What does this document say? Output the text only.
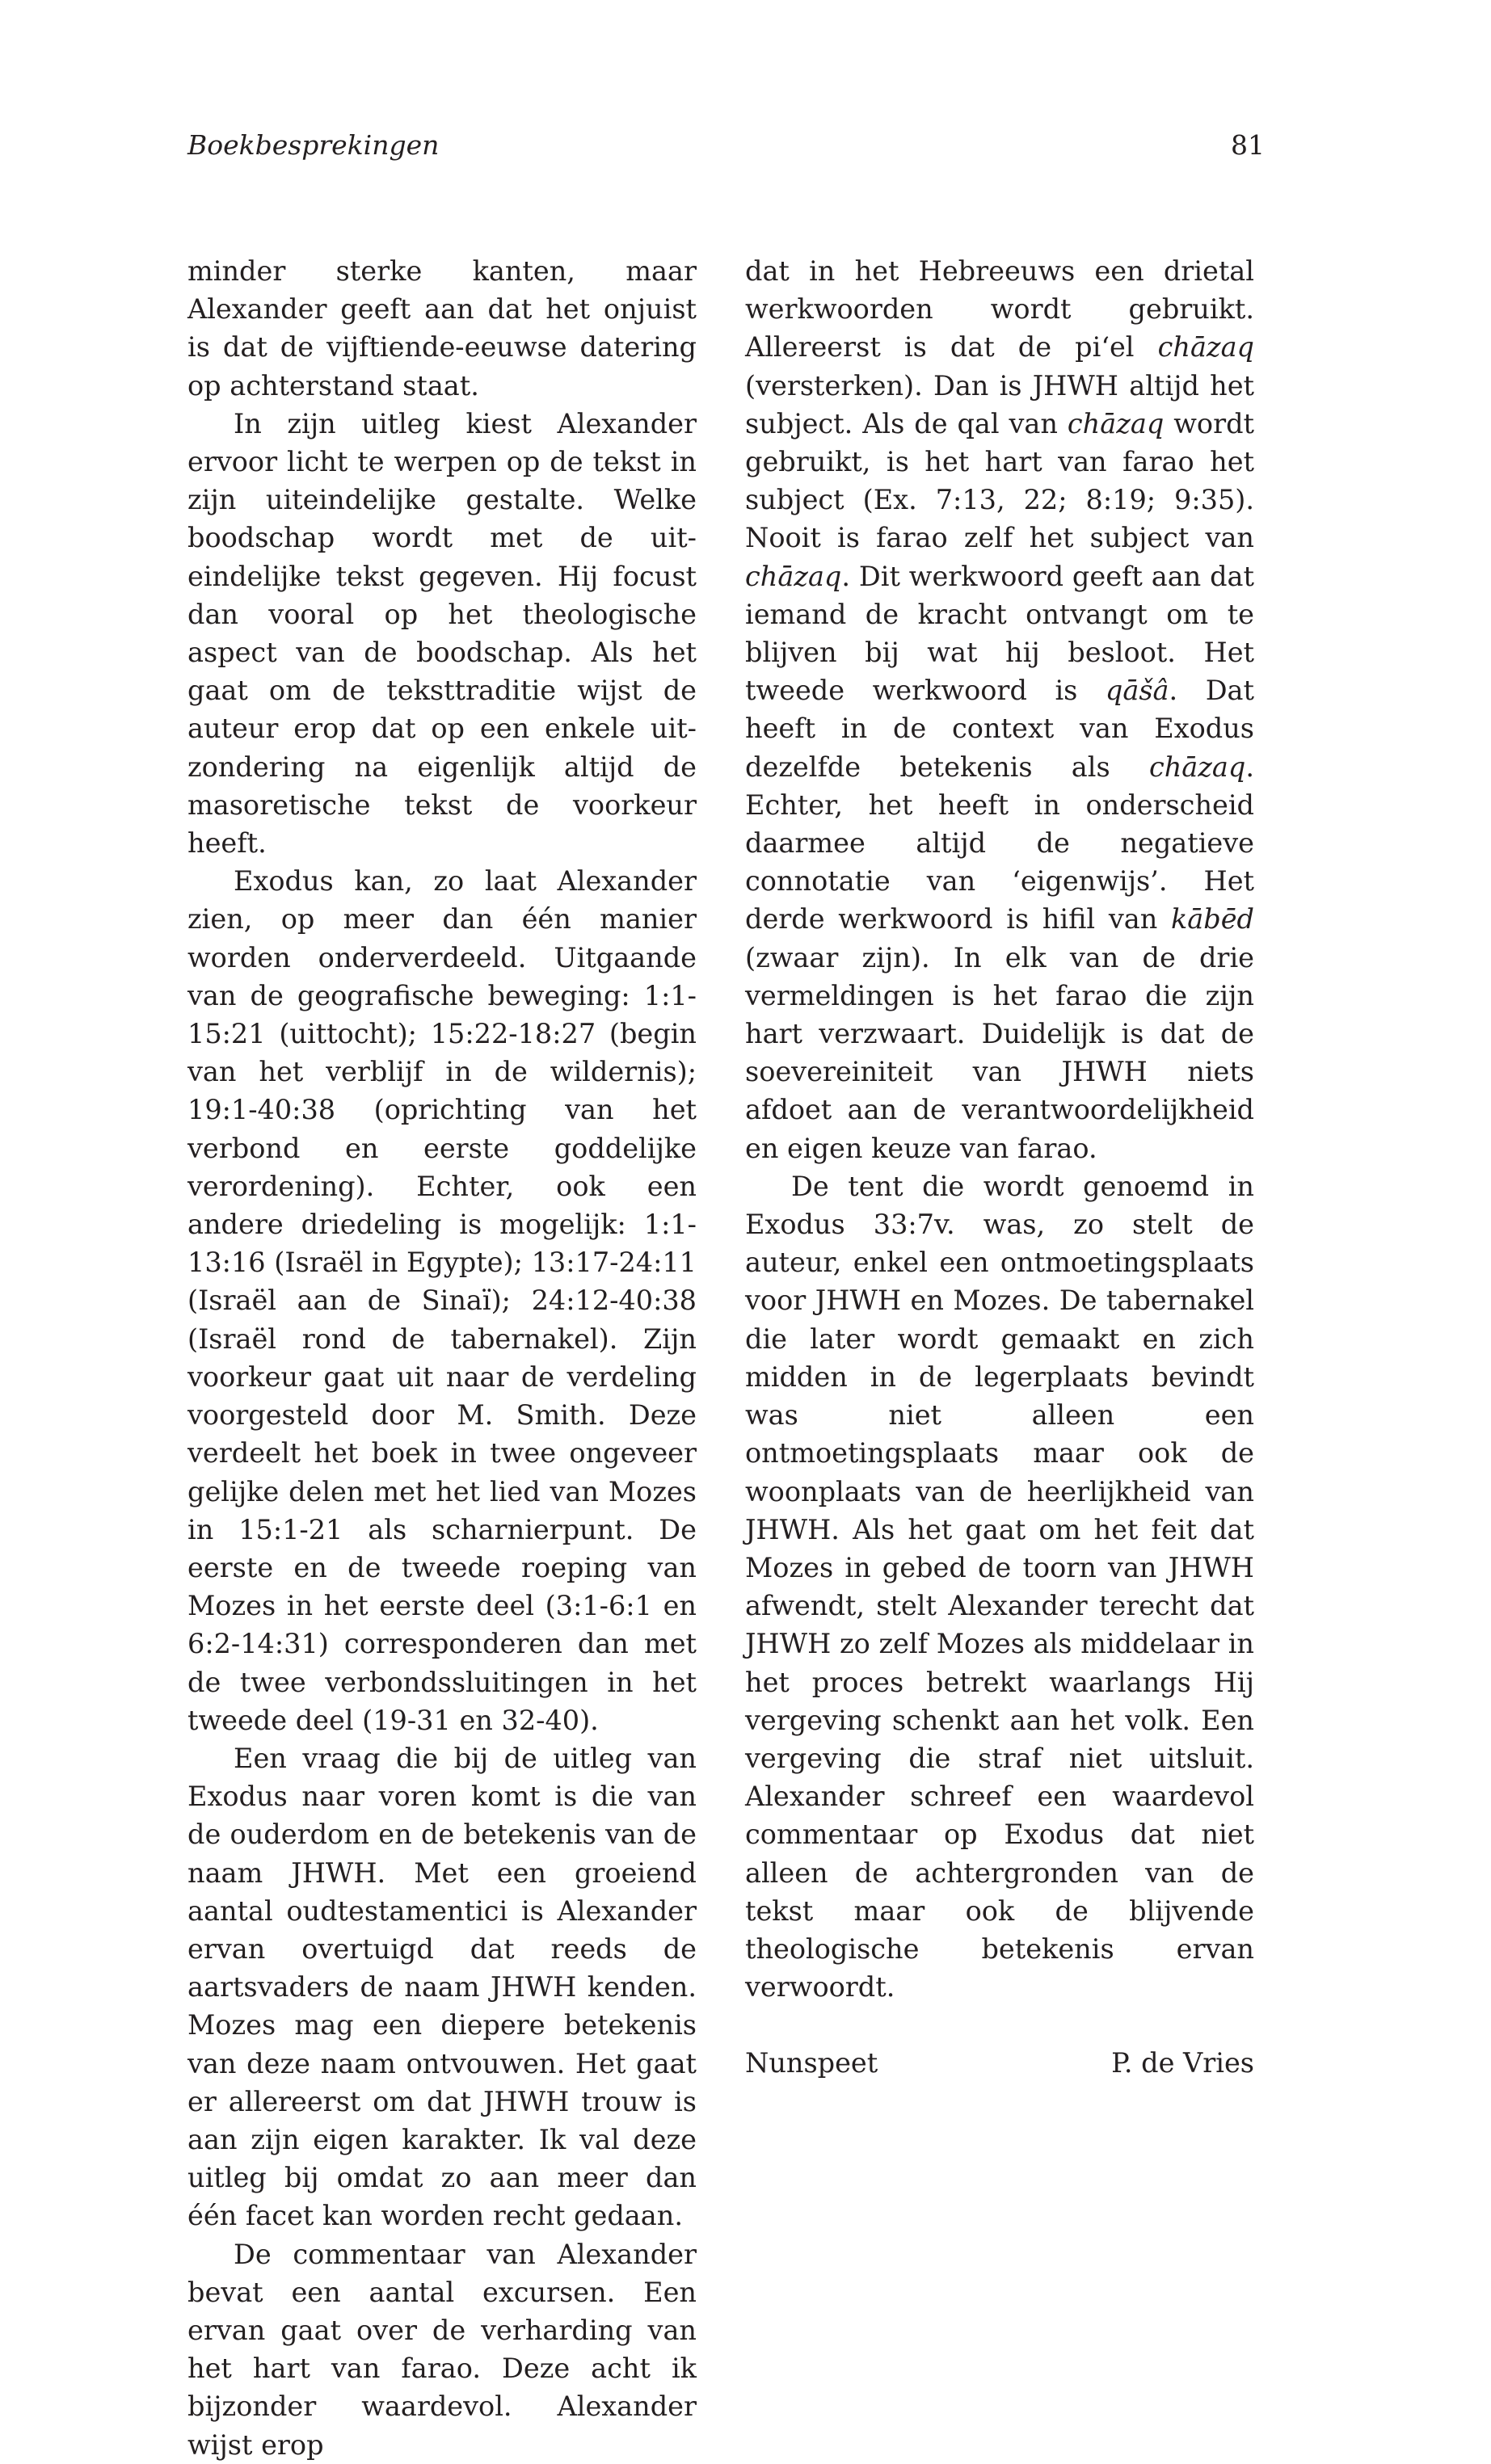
Boekbesprekingen	81

minder sterke kanten, maar Alexander geeft aan dat het onjuist is dat de vijftiende-eeuwse datering op achterstand staat.

In zijn uitleg kiest Alexander ervoor licht te werpen op de tekst in zijn uiteindelijke gestalte. Welke boodschap wordt met de uiteindelijke tekst gegeven. Hij focust dan vooral op het theologische aspect van de boodschap. Als het gaat om de teksttraditie wijst de auteur erop dat op een enkele uitzondering na eigenlijk altijd de masoretische tekst de voorkeur heeft.

Exodus kan, zo laat Alexander zien, op meer dan één manier worden onderverdeeld. Uitgaande van de geografische beweging: 1:1-15:21 (uittocht); 15:22-18:27 (begin van het verblijf in de wildernis); 19:1-40:38 (oprichting van het verbond en eerste goddelijke verordening). Echter, ook een andere driedeling is mogelijk: 1:1-13:16 (Israël in Egypte); 13:17-24:11 (Israël aan de Sinaï); 24:12-40:38 (Israël rond de tabernakel). Zijn voorkeur gaat uit naar de verdeling voorgesteld door M. Smith. Deze verdeelt het boek in twee ongeveer gelijke delen met het lied van Mozes in 15:1-21 als scharnierpunt. De eerste en de tweede roeping van Mozes in het eerste deel (3:1-6:1 en 6:2-14:31) corresponderen dan met de twee verbondssluitingen in het tweede deel (19-31 en 32-40).

Een vraag die bij de uitleg van Exodus naar voren komt is die van de ouderdom en de betekenis van de naam JHWH. Met een groeiend aantal oudtestamentici is Alexander ervan overtuigd dat reeds de aartsvaders de naam JHWH kenden. Mozes mag een diepere betekenis van deze naam ontvouwen. Het gaat er allereerst om dat JHWH trouw is aan zijn eigen karakter. Ik val deze uitleg bij omdat zo aan meer dan één facet kan worden recht gedaan.

De commentaar van Alexander bevat een aantal excursen. Een ervan gaat over de verharding van het hart van farao. Deze acht ik bijzonder waardevol. Alexander wijst erop

dat in het Hebreeuws een drietal werkwoorden wordt gebruikt. Allereerst is dat de pi‘el chāzaq (versterken). Dan is JHWH altijd het subject. Als de qal van chāzaq wordt gebruikt, is het hart van farao het subject (Ex. 7:13, 22; 8:19; 9:35). Nooit is farao zelf het subject van chāzaq. Dit werkwoord geeft aan dat iemand de kracht ontvangt om te blijven bij wat hij besloot. Het tweede werkwoord is qāšâ. Dat heeft in de context van Exodus dezelfde betekenis als chāzaq. Echter, het heeft in onderscheid daarmee altijd de negatieve connotatie van ‘eigenwijs’. Het derde werkwoord is hifil van kābēd (zwaar zijn). In elk van de drie vermeldingen is het farao die zijn hart verzwaart. Duidelijk is dat de soevereiniteit van JHWH niets afdoet aan de verantwoordelijkheid en eigen keuze van farao.

De tent die wordt genoemd in Exodus 33:7v. was, zo stelt de auteur, enkel een ontmoetingsplaats voor JHWH en Mozes. De tabernakel die later wordt gemaakt en zich midden in de legerplaats bevindt was niet alleen een ontmoetingsplaats maar ook de woonplaats van de heerlijkheid van JHWH. Als het gaat om het feit dat Mozes in gebed de toorn van JHWH afwendt, stelt Alexander terecht dat JHWH zo zelf Mozes als middelaar in het proces betrekt waarlangs Hij vergeving schenkt aan het volk. Een vergeving die straf niet uitsluit. Alexander schreef een waardevol commentaar op Exodus dat niet alleen de achtergronden van de tekst maar ook de blijvende theologische betekenis ervan verwoordt.

Nunspeet	P. de Vries
